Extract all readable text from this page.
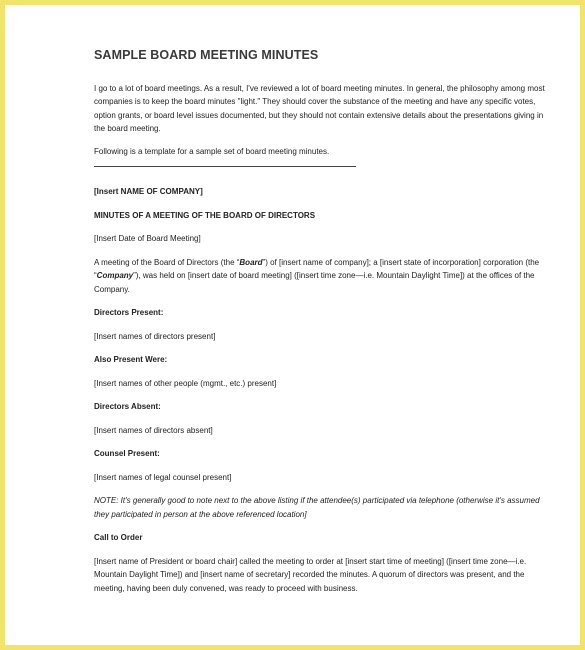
SAMPLE BOARD MEETING MINUTES

I go to a lot of board meetings. As a result, I've reviewed a lot of board meeting minutes. In general, the philosophy among most companies is to keep the board minutes "light." They should cover the substance of the meeting and have any specific votes, option grants, or board level issues documented, but they should not contain extensive details about the presentations giving in the board meeting.

Following is a template for a sample set of board meeting minutes.

[Insert NAME OF COMPANY]

MINUTES OF A MEETING OF THE BOARD OF DIRECTORS

[Insert Date of Board Meeting]

A meeting of the Board of Directors (the “Board”) of [insert name of company]; a [insert state of incorporation] corporation (the “Company”), was held on [insert date of board meeting] ([insert time zone—i.e. Mountain Daylight Time]) at the offices of the Company.

Directors Present:

[Insert names of directors present]

Also Present Were:

[Insert names of other people (mgmt., etc.) present]

Directors Absent:

[Insert names of directors absent]

Counsel Present:

[Insert names of legal counsel present]

NOTE: It's generally good to note next to the above listing if the attendee(s) participated via telephone (otherwise it's assumed they participated in person at the above referenced location]

Call to Order

[Insert name of President or board chair] called the meeting to order at [insert start time of meeting] ([insert time zone—i.e. Mountain Daylight Time]) and [insert name of secretary] recorded the minutes. A quorum of directors was present, and the meeting, having been duly convened, was ready to proceed with business.
